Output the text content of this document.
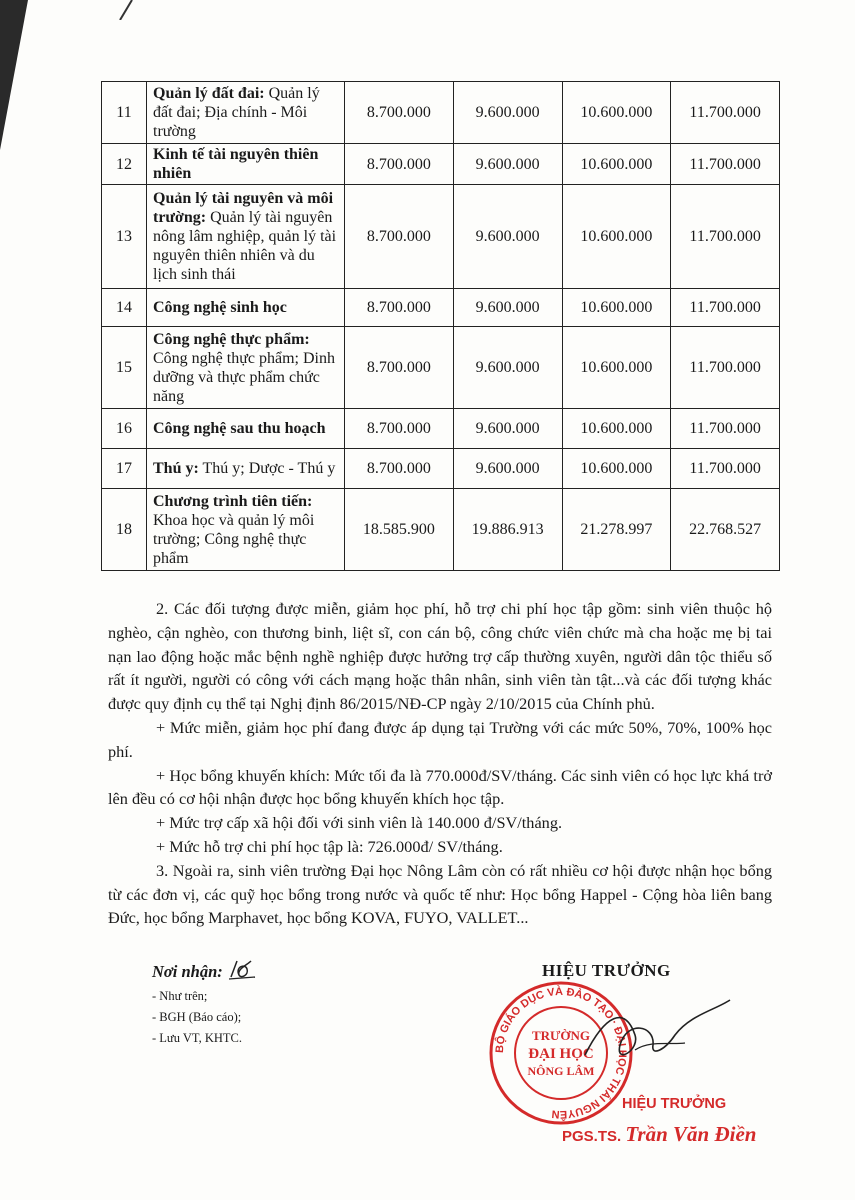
11	Quản lý đất đai: Quản lý đất đai; Địa chính - Môi trường	8.700.000	9.600.000	10.600.000	11.700.000
12	Kinh tế tài nguyên thiên nhiên	8.700.000	9.600.000	10.600.000	11.700.000
13	Quản lý tài nguyên và môi trường: Quản lý tài nguyên nông lâm nghiệp, quản lý tài nguyên thiên nhiên và du lịch sinh thái	8.700.000	9.600.000	10.600.000	11.700.000
14	Công nghệ sinh học	8.700.000	9.600.000	10.600.000	11.700.000
15	Công nghệ thực phẩm: Công nghệ thực phẩm; Dinh dưỡng và thực phẩm chức năng	8.700.000	9.600.000	10.600.000	11.700.000
16	Công nghệ sau thu hoạch	8.700.000	9.600.000	10.600.000	11.700.000
17	Thú y: Thú y; Dược - Thú y	8.700.000	9.600.000	10.600.000	11.700.000
18	Chương trình tiên tiến: Khoa học và quản lý môi trường; Công nghệ thực phẩm	18.585.900	19.886.913	21.278.997	22.768.527

2. Các đối tượng được miễn, giảm học phí, hỗ trợ chi phí học tập gồm: sinh viên thuộc hộ nghèo, cận nghèo, con thương binh, liệt sĩ, con cán bộ, công chức viên chức mà cha hoặc mẹ bị tai nạn lao động hoặc mắc bệnh nghề nghiệp được hưởng trợ cấp thường xuyên, người dân tộc thiểu số rất ít người, người có công với cách mạng hoặc thân nhân, sinh viên tàn tật...và các đối tượng khác được quy định cụ thể tại Nghị định 86/2015/NĐ-CP ngày 2/10/2015 của Chính phủ.

+ Mức miễn, giảm học phí đang được áp dụng tại Trường với các mức 50%, 70%, 100% học phí.

+ Học bổng khuyến khích: Mức tối đa là 770.000đ/SV/tháng. Các sinh viên có học lực khá trở lên đều có cơ hội nhận được học bổng khuyến khích học tập.

+ Mức trợ cấp xã hội đối với sinh viên là 140.000 đ/SV/tháng.

+ Mức hỗ trợ chi phí học tập là: 726.000đ/ SV/tháng.

3. Ngoài ra, sinh viên trường Đại học Nông Lâm còn có rất nhiều cơ hội được nhận học bổng từ các đơn vị, các quỹ học bổng trong nước và quốc tế như: Học bổng Happel - Cộng hòa liên bang Đức, học bổng Marphavet, học bổng KOVA, FUYO, VALLET...

Nơi nhận:
- Như trên;
- BGH (Báo cáo);
- Lưu VT, KHTC.
HIỆU TRƯỞNG
BỘ GIÁO DỤC VÀ ĐÀO TẠO · ĐẠI HỌC THÁI NGUYÊN
TRƯỜNG
ĐẠI HỌC
NÔNG LÂM
HIỆU TRƯỞNG
PGS.TS. Trần Văn Điền
